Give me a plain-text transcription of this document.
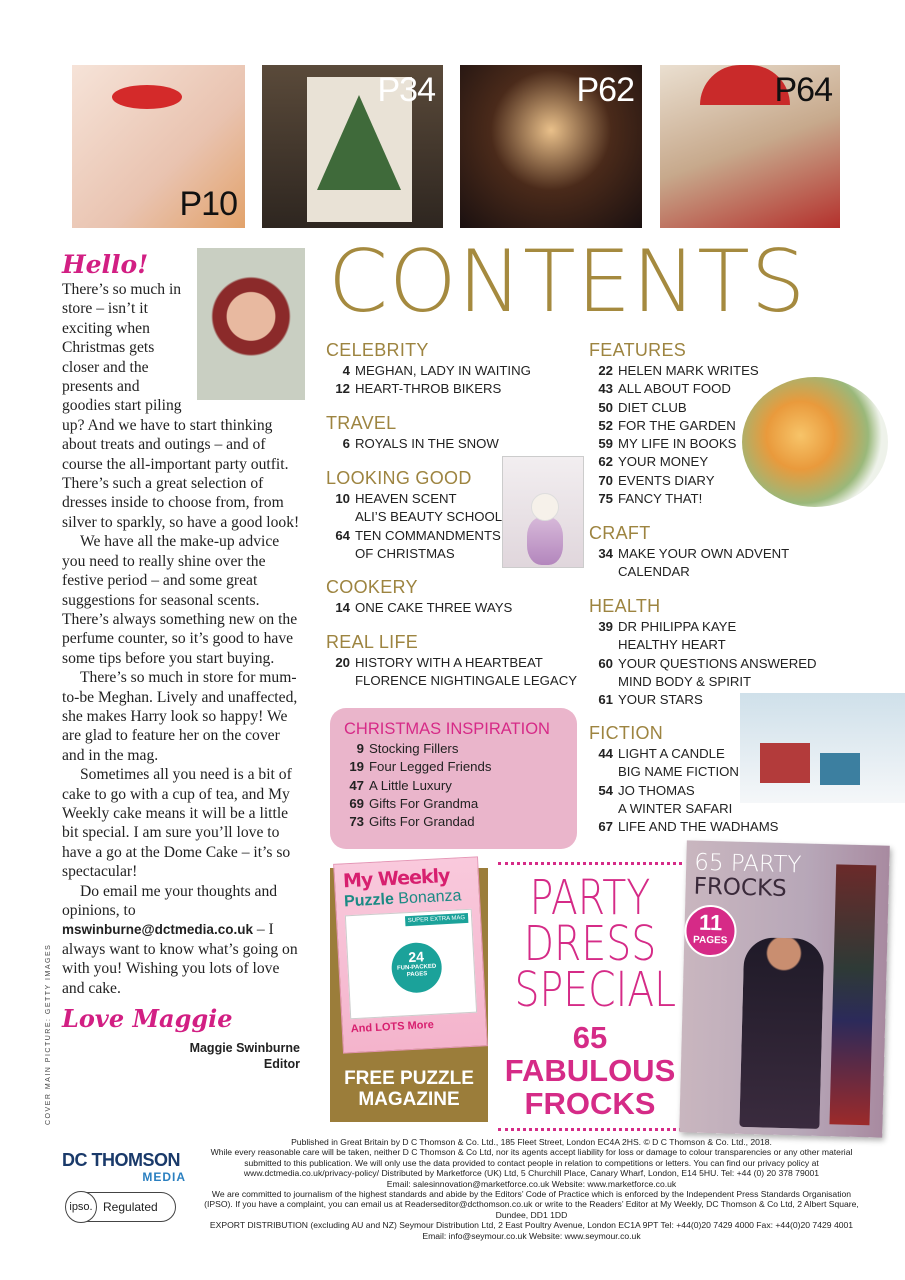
P10
P34	P62	P64
Hello!

There’s so much in store – isn’t it exciting when Christmas gets closer and the presents and goodies start piling up? And we have to start thinking about treats and outings – and of course the all-important party outfit. There’s such a great selection of dresses inside to choose from, from silver to sparkly, so have a good look!

We have all the make-up advice you need to really shine over the festive period – and some great suggestions for seasonal scents. There’s always something new on the perfume counter, so it’s good to have some tips before you start buying.

There’s so much in store for mum-to-be Meghan. Lively and unaffected, she makes Harry look so happy! We are glad to feature her on the cover and in the mag.

Sometimes all you need is a bit of cake to go with a cup of tea, and My Weekly cake means it will be a little bit special. I am sure you’ll love to have a go at the Dome Cake – it’s so spectacular!

Do email me your thoughts and opinions, to mswinburne@dctmedia.co.uk – I always want to know what’s going on with you! Wishing you lots of love and cake.

Love Maggie
Maggie Swinburne
Editor
COVER MAIN PICTURE: GETTY IMAGES
CONTENTS
CELEBRITY
4 MEGHAN, LADY IN WAITING
12 HEART-THROB BIKERS
TRAVEL
6 ROYALS IN THE SNOW
LOOKING GOOD
10 HEAVEN SCENT
ALI’S BEAUTY SCHOOL
64 TEN COMMANDMENTS
OF CHRISTMAS
COOKERY
14 ONE CAKE THREE WAYS
REAL LIFE
20 HISTORY WITH A HEARTBEAT
FLORENCE NIGHTINGALE LEGACY
FEATURES
22 HELEN MARK WRITES
43 ALL ABOUT FOOD
50 DIET CLUB
52 FOR THE GARDEN
59 MY LIFE IN BOOKS
62 YOUR MONEY
70 EVENTS DIARY
75 FANCY THAT!
CRAFT
34 MAKE YOUR OWN ADVENT
CALENDAR
HEALTH
39 DR PHILIPPA KAYE
HEALTHY HEART
60 YOUR QUESTIONS ANSWERED
MIND BODY & SPIRIT
61 YOUR STARS
FICTION
44 LIGHT A CANDLE
BIG NAME FICTION
54 JO THOMAS
A WINTER SAFARI
67 LIFE AND THE WADHAMS
CHRISTMAS INSPIRATION
9 Stocking Fillers
19 Four Legged Friends
47 A Little Luxury
69 Gifts For Grandma
73 Gifts For Grandad
My Weekly
Puzzle Bonanza
SUPER EXTRA MAG
24
FUN-PACKED PAGES
And LOTS More
FREE PUZZLE
MAGAZINE
PARTY
DRESS
SPECIAL
65
FABULOUS
FROCKS
65 PARTY
FROCKS
11
PAGES
DC THOMSON
MEDIA
ipso. Regulated
Published in Great Britain by D C Thomson & Co. Ltd., 185 Fleet Street, London EC4A 2HS. © D C Thomson & Co. Ltd., 2018.
While every reasonable care will be taken, neither D C Thomson & Co Ltd, nor its agents accept liability for loss or damage to colour transparencies or any other material submitted to this publication. We will only use the data provided to contact people in relation to competitions or letters. You can find our privacy policy at www.dctmedia.co.uk/privacy-policy/ Distributed by Marketforce (UK) Ltd, 5 Churchill Place, Canary Wharf, London, E14 5HU. Tel: +44 (0) 20 378 79001
Email: salesinnovation@marketforce.co.uk Website: www.marketforce.co.uk
We are committed to journalism of the highest standards and abide by the Editors’ Code of Practice which is enforced by the Independent Press Standards Organisation (IPSO). If you have a complaint, you can email us at Readerseditor@dcthomson.co.uk or write to the Readers’ Editor at My Weekly, DC Thomson & Co Ltd, 2 Albert Square, Dundee, DD1 1DD
EXPORT DISTRIBUTION (excluding AU and NZ) Seymour Distribution Ltd, 2 East Poultry Avenue, London EC1A 9PT Tel: +44(0)20 7429 4000 Fax: +44(0)20 7429 4001
Email: info@seymour.co.uk Website: www.seymour.co.uk
